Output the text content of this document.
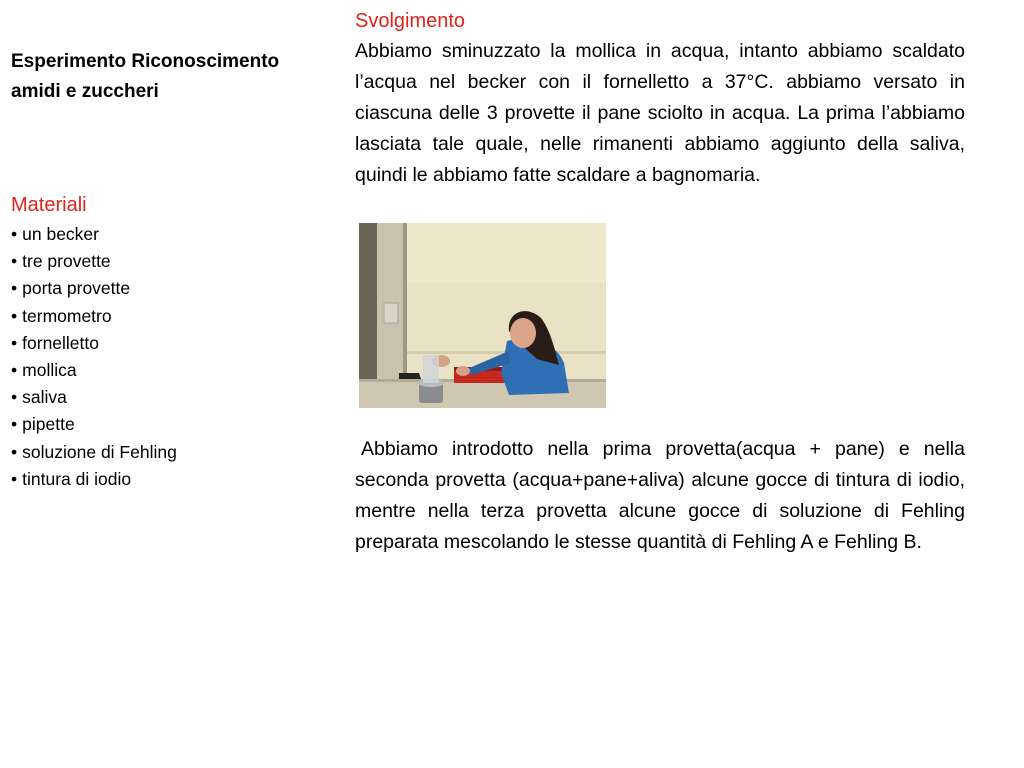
Esperimento Riconoscimento amidi e zuccheri
Materiali
• un becker
• tre provette
• porta provette
• termometro
• fornelletto
• mollica
• saliva
• pipette
• soluzione di Fehling
• tintura di iodio
Svolgimento

Abbiamo sminuzzato la mollica in acqua, intanto abbiamo scaldato l’acqua nel becker con il fornelletto a 37°C. abbiamo versato in ciascuna delle 3 provette il pane sciolto in acqua. La prima l’abbiamo lasciata tale quale, nelle rimanenti abbiamo aggiunto della saliva, quindi le abbiamo fatte scaldare a bagnomaria.

Abbiamo introdotto nella prima provetta(acqua + pane) e nella seconda provetta (acqua+pane+aliva) alcune gocce di tintura di iodio, mentre nella terza provetta alcune gocce di soluzione di Fehling preparata mescolando le stesse quantità di Fehling A e Fehling B.
